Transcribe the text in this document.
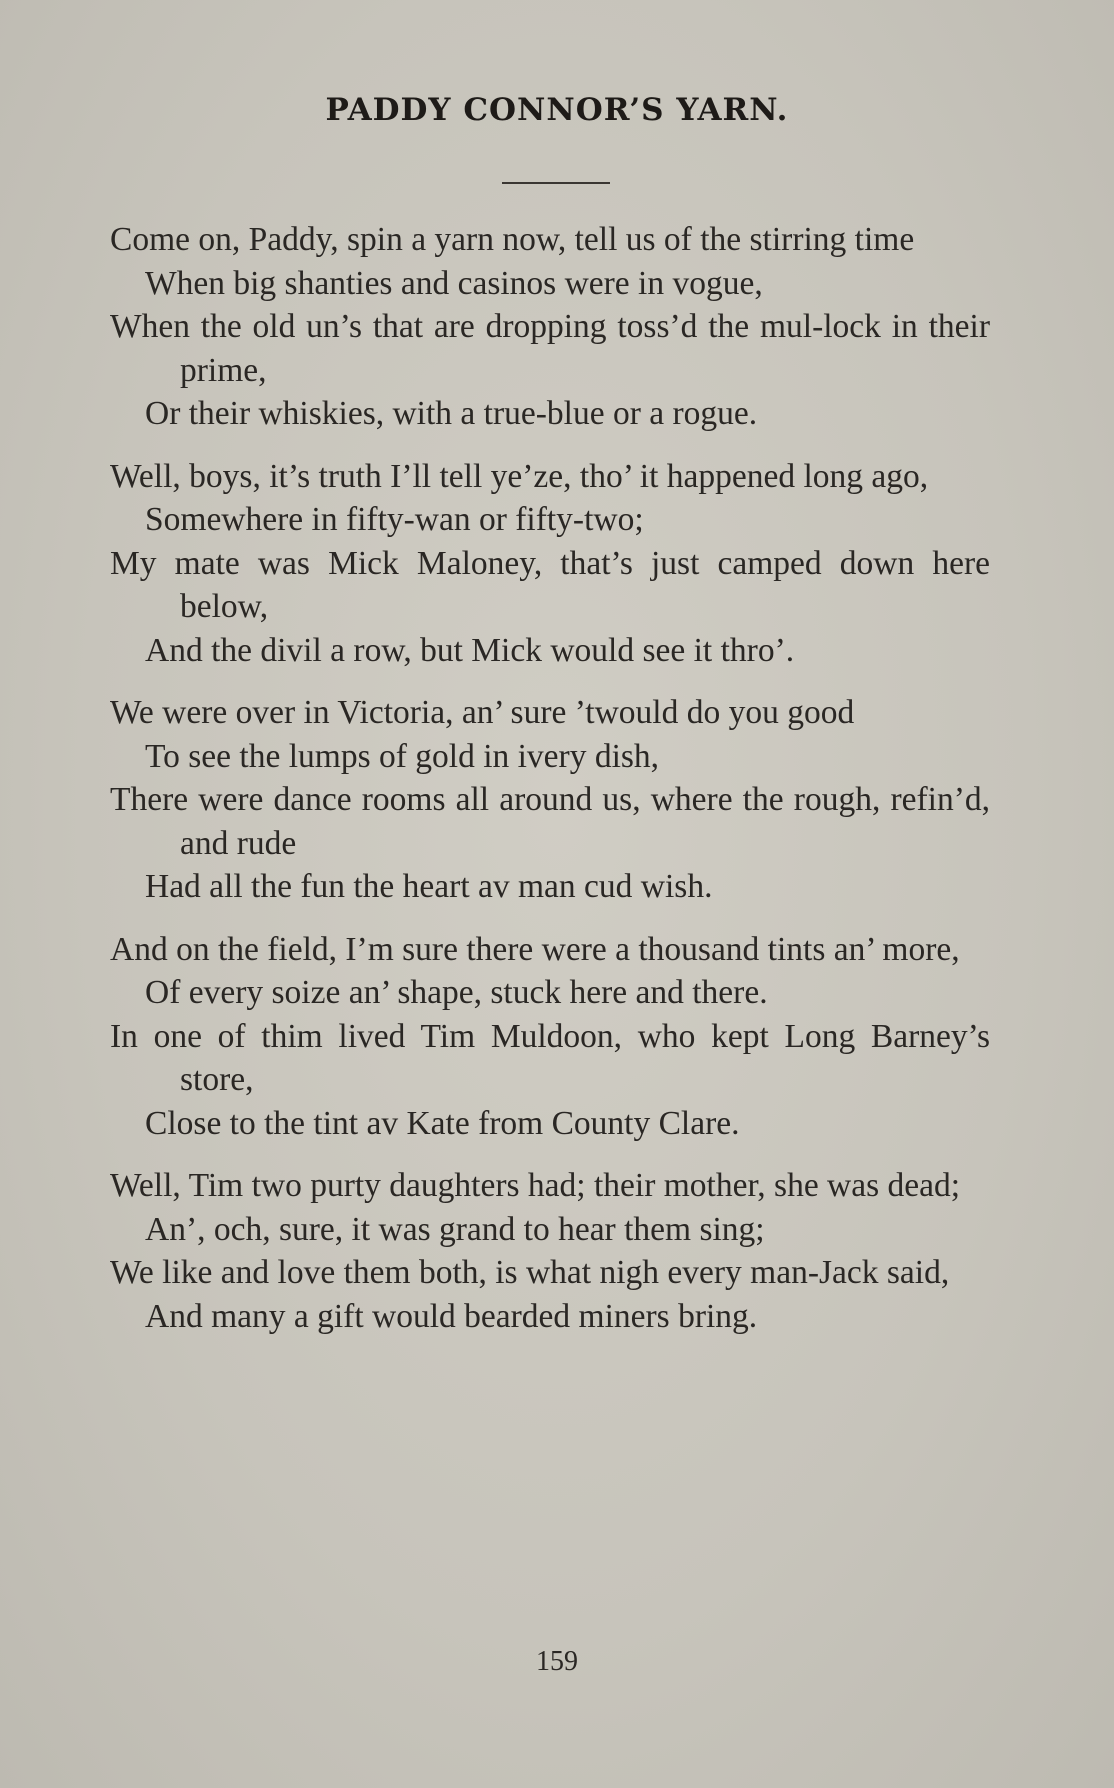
PADDY CONNOR’S YARN.

Come on, Paddy, spin a yarn now, tell us of the stirring time

When big shanties and casinos were in vogue,

When the old un’s that are dropping toss’d the mul-lock in their prime,

Or their whiskies, with a true-blue or a rogue.

Well, boys, it’s truth I’ll tell ye’ze, tho’ it happened long ago,

Somewhere in fifty-wan or fifty-two;

My mate was Mick Maloney, that’s just camped down here below,

And the divil a row, but Mick would see it thro’.

We were over in Victoria, an’ sure ’twould do you good

To see the lumps of gold in ivery dish,

There were dance rooms all around us, where the rough, refin’d, and rude

Had all the fun the heart av man cud wish.

And on the field, I’m sure there were a thousand tints an’ more,

Of every soize an’ shape, stuck here and there.

In one of thim lived Tim Muldoon, who kept Long Barney’s store,

Close to the tint av Kate from County Clare.

Well, Tim two purty daughters had; their mother, she was dead;

An’, och, sure, it was grand to hear them sing;

We like and love them both, is what nigh every man-Jack said,

And many a gift would bearded miners bring.

159
